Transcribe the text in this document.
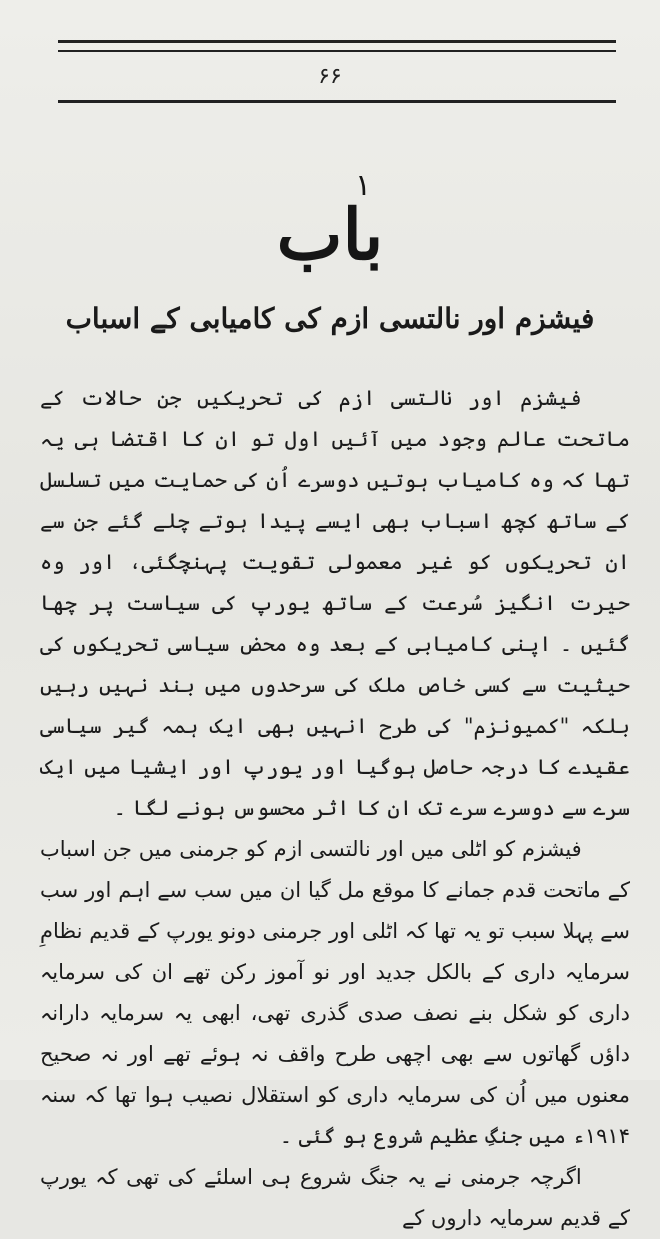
۶۶
۱
باب
فیشزم اور نالتسی ازم کی کامیابی کے اسباب

فیشزم اور نالتسی ازم کی تحریکیں جن حالات کے ماتحت عالم وجود میں آئیں اول تو ان کا اقتضا ہی یہ تھا کہ وہ کامیاب ہوتیں دوسرے اُن کی حمایت میں تسلسل کے ساتھ کچھ اسباب بھی ایسے پیدا ہوتے چلے گئے جن سے ان تحریکوں کو غیر معمولی تقویت پہنچگئی، اور وہ حیرت انگیز سُرعت کے ساتھ یورپ کی سیاست پر چھا گئیں ۔ اپنی کامیابی کے بعد وہ محض سیاسی تحریکوں کی حیثیت سے کسی خاص ملک کی سرحدوں میں بند نہیں رہیں بلکہ "کمیونزم" کی طرح انہیں بھی ایک ہمہ گیر سیاسی عقیدے کا درجہ حاصل ہوگیا اور یورپ اور ایشیا میں ایک سرے سے دوسرے سرے تک ان کا اثر محسوس ہونے لگا ۔

فیشزم کو اٹلی میں اور نالتسی ازم کو جرمنی میں جن اسباب کے ماتحت قدم جمانے کا موقع مل گیا ان میں سب سے اہم اور سب سے پہلا سبب تو یہ تھا کہ اٹلی اور جرمنی دونو یورپ کے قدیم نظامِ سرمایہ داری کے بالکل جدید اور نو آموز رکن تھے ان کی سرمایہ داری کو شکل بنے نصف صدی گذری تھی، ابھی یہ سرمایہ دارانہ داؤں گھاتوں سے بھی اچھی طرح واقف نہ ہوئے تھے اور نہ صحیح معنوں میں اُن کی سرمایہ داری کو استقلال نصیب ہوا تھا کہ سنہ ۱۹۱۴ء میں جنگِ عظیم شروع ہو گئی ۔

اگرچہ جرمنی نے یہ جنگ شروع ہی اسلئے کی تھی کہ یورپ کے قدیم سرمایہ داروں کے
